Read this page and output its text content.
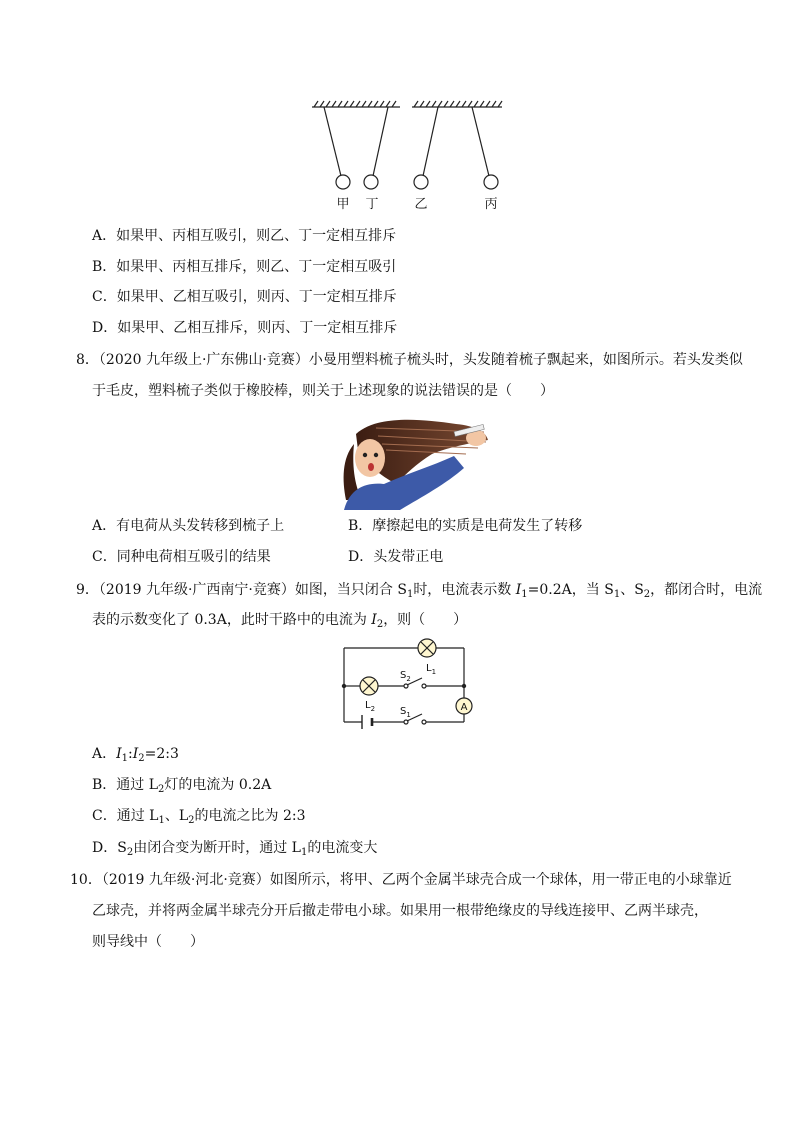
甲 丁	乙	丙
A．如果甲、丙相互吸引，则乙、丁一定相互排斥
B．如果甲、丙相互排斥，则乙、丁一定相互吸引
C．如果甲、乙相互吸引，则丙、丁一定相互排斥
D．如果甲、乙相互排斥，则丙、丁一定相互排斥
8．（2020 九年级上·广东佛山·竞赛）小曼用塑料梳子梳头时，头发随着梳子飘起来，如图所示。若头发类似
于毛皮，塑料梳子类似于橡胶棒，则关于上述现象的说法错误的是（　　）
A．有电荷从头发转移到梳子上	B．摩擦起电的实质是电荷发生了转移
C．同种电荷相互吸引的结果	D．头发带正电
9．（2019 九年级·广西南宁·竞赛）如图，当只闭合 $S_1$时，电流表示数 $I_1=0.2A$，当 $S_1$、$S_2$，都闭合时，电流
表的示数变化了 0.3A，此时干路中的电流为 $I_2$，则（　　）
A
$L_1$
$L_2$
$S_2$
$S_1$
A．$I_1:I_2=2:3$
B．通过 $L_2$灯的电流为 0.2A
C．通过 $L_1$、$L_2$的电流之比为 2:3
D．$S_2$由闭合变为断开时，通过 $L_1$的电流变大
10．（2019 九年级·河北·竞赛）如图所示，将甲、乙两个金属半球壳合成一个球体，用一带正电的小球靠近
乙球壳，并将两金属半球壳分开后撤走带电小球。如果用一根带绝缘皮的导线连接甲、乙两半球壳，
则导线中（　　）
